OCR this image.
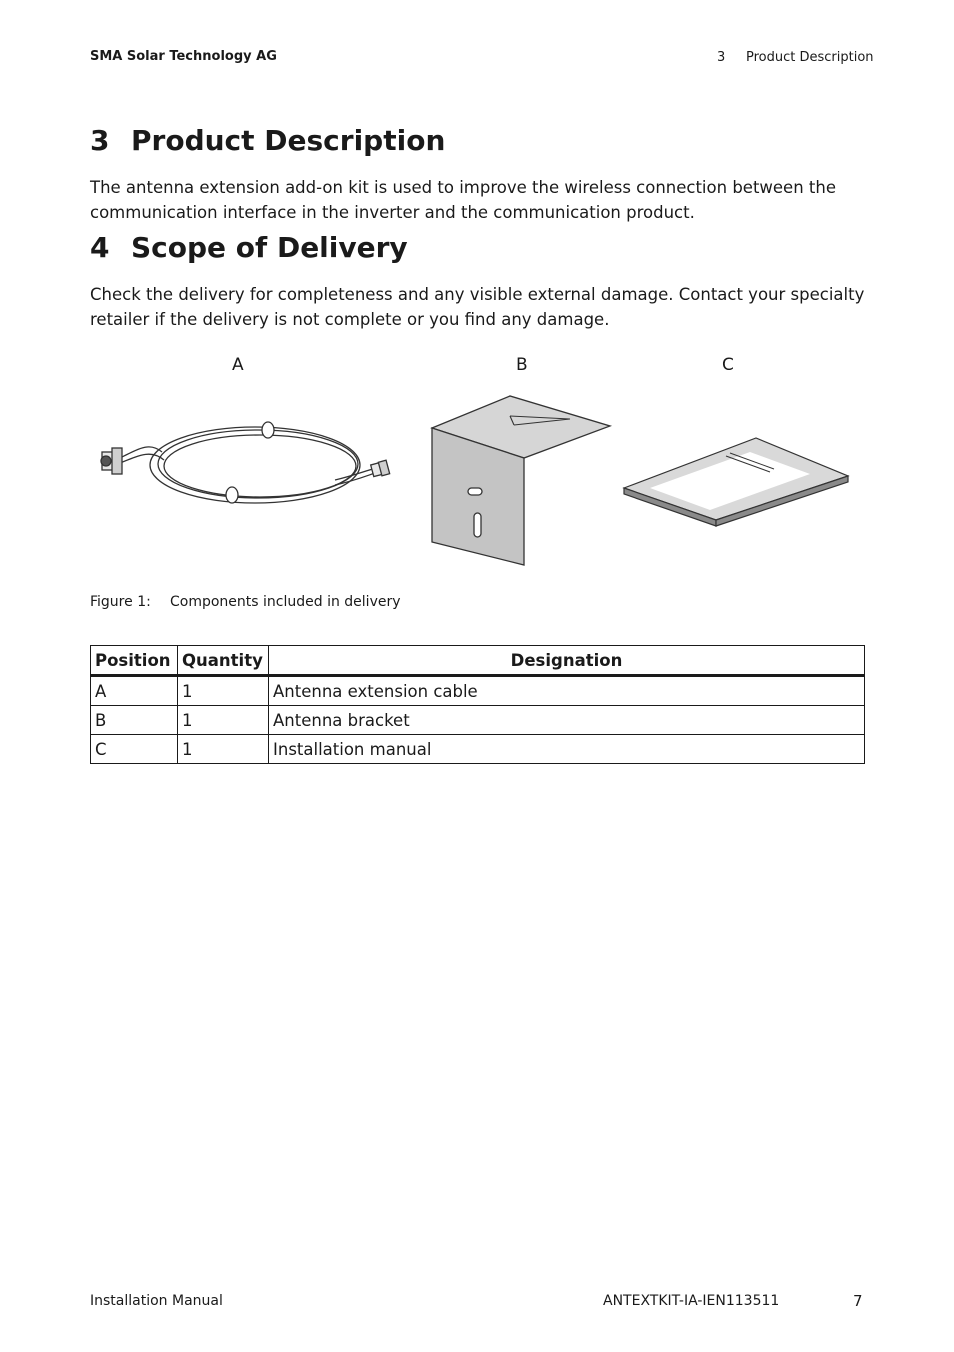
SMA Solar Technology AG	3 Product Description
3 Product Description

The antenna extension add-on kit is used to improve the wireless connection between the communication interface in the inverter and the communication product.

4 Scope of Delivery

Check the delivery for completeness and any visible external damage. Contact your specialty retailer if the delivery is not complete or you find any damage.

A	B	C
Figure 1: Components included in delivery
Position	Quantity	Designation
A	1	Antenna extension cable
B	1	Antenna bracket
C	1	Installation manual
Installation Manual	ANTEXTKIT-IA-IEN113511	7
